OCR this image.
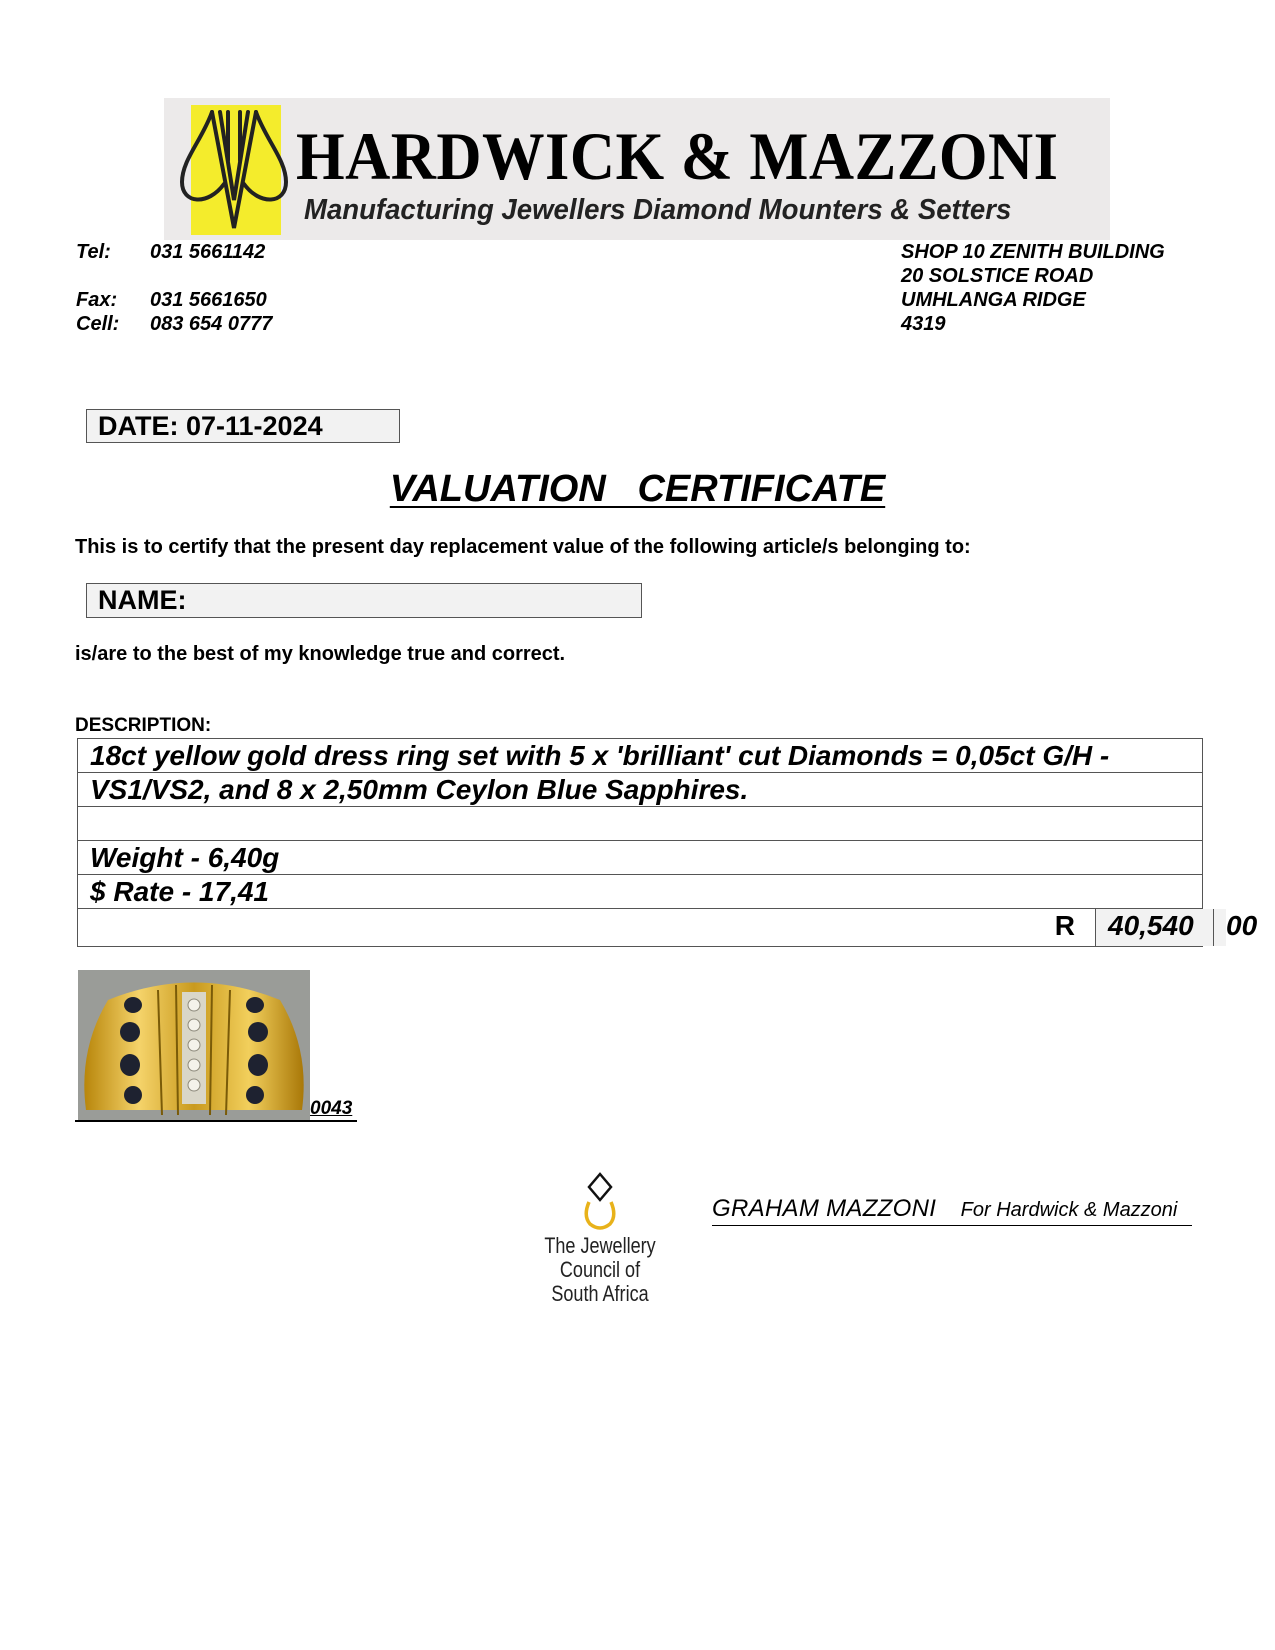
HARDWICK & MAZZONI
Manufacturing Jewellers Diamond Mounters & Setters
Tel: 031 5661142
Fax: 031 5661650
Cell: 083 654 0777
SHOP 10 ZENITH BUILDING
20 SOLSTICE ROAD
UMHLANGA RIDGE
4319
DATE: 07-11-2024
VALUATION   CERTIFICATE
This is to certify that the present day replacement value of the following article/s belonging to:
NAME:
is/are to the best of my knowledge true and correct.
DESCRIPTION:
18ct yellow gold dress ring set with 5 x 'brilliant' cut Diamonds = 0,05ct G/H -
VS1/VS2, and 8 x 2,50mm Ceylon Blue Sapphires.
Weight - 6,40g
$ Rate - 17,41
R	40,540	00
0043
The Jewellery Council of
South Africa
GRAHAM MAZZONI For Hardwick & Mazzoni
